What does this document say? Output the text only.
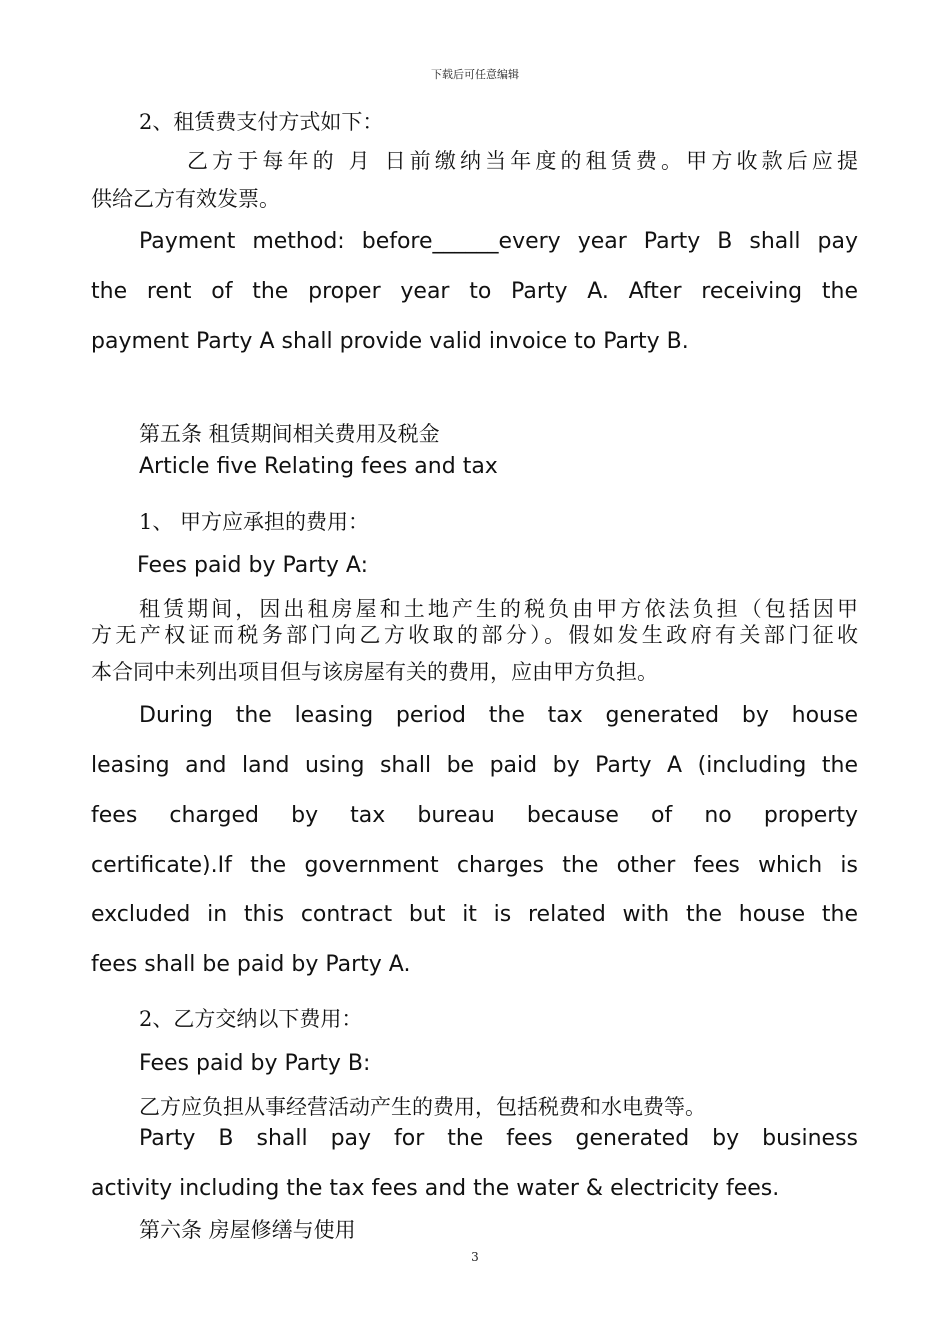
下载后可任意编辑
2、租赁费支付方式如下：
乙方于每年的 月 日前缴纳当年度的租赁费。甲方收款后应提
供给乙方有效发票。
Payment method: before______every year Party B shall pay
the rent of the proper year to Party A. After receiving the
payment Party A shall provide valid invoice to Party B.
第五条 租赁期间相关费用及税金
Article five Relating fees and tax
1、 甲方应承担的费用：
Fees paid by Party A:
租赁期间，因出租房屋和土地产生的税负由甲方依法负担（包括因甲
方无产权证而税务部门向乙方收取的部分）。假如发生政府有关部门征收
本合同中未列出项目但与该房屋有关的费用，应由甲方负担。
During the leasing period the tax generated by house
leasing and land using shall be paid by Party A (including the
fees charged by tax bureau because of no property
certificate).If the government charges the other fees which is
excluded in this contract but it is related with the house the
fees shall be paid by Party A.
2、乙方交纳以下费用：
Fees paid by Party B:
乙方应负担从事经营活动产生的费用，包括税费和水电费等。
Party B shall pay for the fees generated by business
activity including the tax fees and the water & electricity fees.
第六条 房屋修缮与使用
3
